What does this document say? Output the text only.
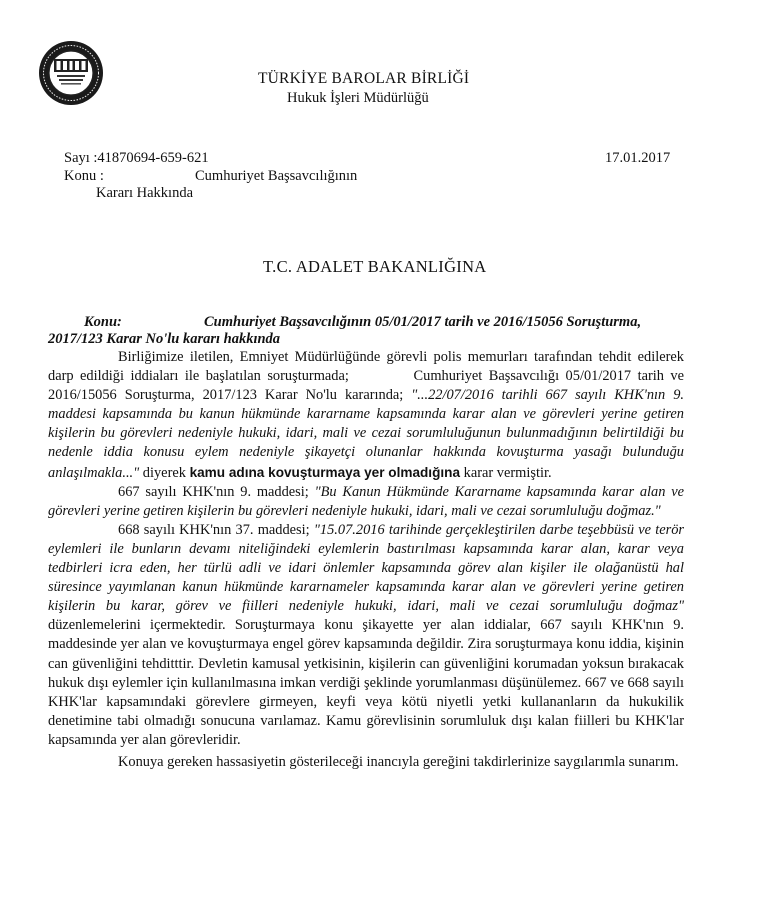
TÜRKİYE BAROLAR BİRLİĞİ
Hukuk İşleri Müdürlüğü
Sayı :41870694-659-621	17.01.2017
Konu :	Cumhuriyet Başsavcılığının
Kararı Hakkında
T.C. ADALET BAKANLIĞINA
Konu:	Cumhuriyet Başsavcılığının 05/01/2017 tarih ve 2016/15056 Soruşturma,
2017/123 Karar No'lu kararı hakkında

Birliğimize iletilen, Emniyet Müdürlüğünde görevli polis memurları tarafından tehdit edilerek darp edildiği iddiaları ile başlatılan soruşturmada;	Cumhuriyet Başsavcılığı 05/01/2017 tarih ve 2016/15056 Soruşturma, 2017/123 Karar No'lu kararında; "...22/07/2016 tarihli 667 sayılı KHK'nın 9. maddesi kapsamında bu kanun hükmünde kararname kapsamında karar alan ve görevleri yerine getiren kişilerin bu görevleri nedeniyle hukuki, idari, mali ve cezai sorumluluğunun bulunmadığının belirtildiği bu nedenle iddia konusu eylem nedeniyle şikayetçi olunanlar hakkında kovuşturma yasağı bulunduğu anlaşılmakla..." diyerek kamu adına kovuşturmaya yer olmadığına karar vermiştir.

667 sayılı KHK'nın 9. maddesi; "Bu Kanun Hükmünde Kararname kapsamında karar alan ve görevleri yerine getiren kişilerin bu görevleri nedeniyle hukuki, idari, mali ve cezai sorumluluğu doğmaz."

668 sayılı KHK'nın 37. maddesi; "15.07.2016 tarihinde gerçekleştirilen darbe teşebbüsü ve terör eylemleri ile bunların devamı niteliğindeki eylemlerin bastırılması kapsamında karar alan, karar veya tedbirleri icra eden, her türlü adli ve idari önlemler kapsamında görev alan kişiler ile olağanüstü hal süresince yayımlanan kanun hükmünde kararnameler kapsamında karar alan ve görevleri yerine getiren kişilerin bu karar, görev ve fiilleri nedeniyle hukuki, idari, mali ve cezai sorumluluğu doğmaz" düzenlemelerini içermektedir. Soruşturmaya konu şikayette yer alan iddialar, 667 sayılı KHK'nın 9. maddesinde yer alan ve kovuşturmaya engel görev kapsamında değildir. Zira soruşturmaya konu iddia, kişinin can güvenliğini tehditttir. Devletin kamusal yetkisinin, kişilerin can güvenliğini korumadan yoksun bırakacak hukuk dışı eylemler için kullanılmasına imkan verdiği şeklinde yorumlanması düşünülemez. 667 ve 668 sayılı KHK'lar kapsamındaki görevlere girmeyen, keyfi veya kötü niyetli yetki kullananların da hukukilik denetimine tabi olmadığı sonucuna varılamaz. Kamu görevlisinin sorumluluk dışı kalan fiilleri bu KHK'lar kapsamında yer alan görevleridir.

Konuya gereken hassasiyetin gösterileceği inancıyla gereğini takdirlerinize saygılarımla sunarım.
